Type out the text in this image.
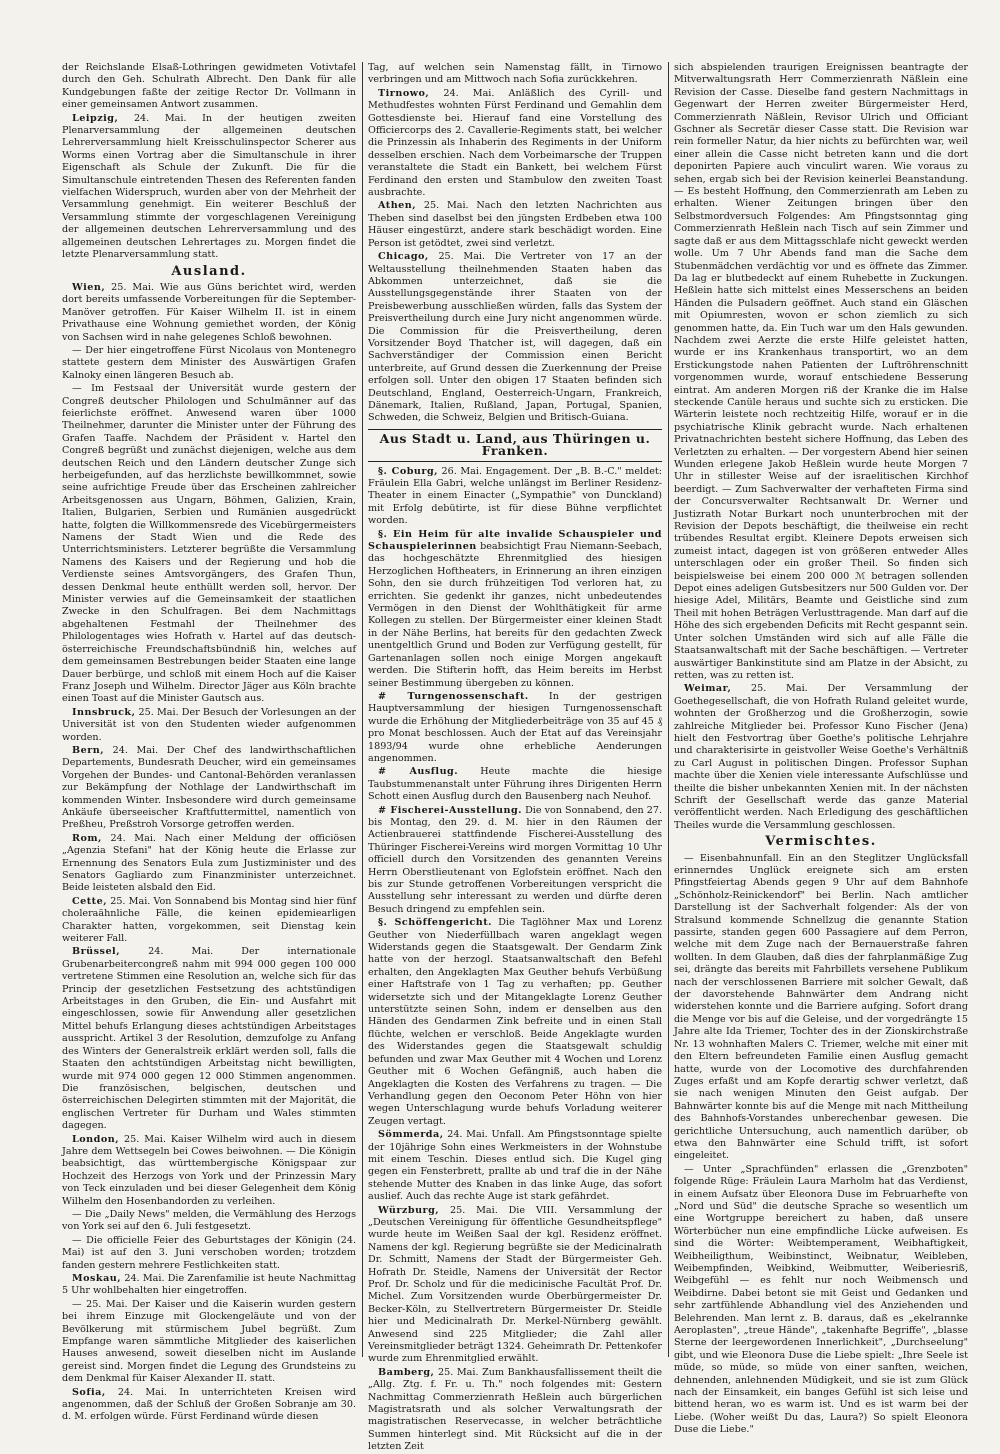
der Reichslande Elsaß-Lothringen gewidmeten Votivtafel durch den Geh. Schulrath Albrecht. Den Dank für alle Kundgebungen faßte der zeitige Rector Dr. Vollmann in einer gemeinsamen Antwort zusammen.

Leipzig, 24. Mai. In der heutigen zweiten Plenarversammlung der allgemeinen deutschen Lehrerversammlung hielt Kreisschulinspector Scherer aus Worms einen Vortrag aber die Simultanschule in ihrer Eigenschaft als Schule der Zukunft. Die für die Simultanschule eintretenden Thesen des Referenten fanden vielfachen Widerspruch, wurden aber von der Mehrheit der Versammlung genehmigt. Ein weiterer Beschluß der Versammlung stimmte der vorgeschlagenen Vereinigung der allgemeinen deutschen Lehrerversammlung und des allgemeinen deutschen Lehrertages zu. Morgen findet die letzte Plenarversammlung statt.

Ausland.

Wien, 25. Mai. Wie aus Güns berichtet wird, werden dort bereits umfassende Vorbereitungen für die September-Manöver getroffen. Für Kaiser Wilhelm II. ist in einem Privathause eine Wohnung gemiethet worden, der König von Sachsen wird in nahe gelegenes Schloß bewohnen.

— Der hier eingetroffene Fürst Nicolaus von Montenegro stattete gestern dem Minister des Auswärtigen Grafen Kalnoky einen längeren Besuch ab.

— Im Festsaal der Universität wurde gestern der Congreß deutscher Philologen und Schulmänner auf das feierlichste eröffnet. Anwesend waren über 1000 Theilnehmer, darunter die Minister unter der Führung des Grafen Taaffe. Nachdem der Präsident v. Hartel den Congreß begrüßt und zunächst diejenigen, welche aus dem deutschen Reich und den Ländern deutscher Zunge sich herbeigefunden, auf das herzlichste bewillkommnet, sowie seine aufrichtige Freude über das Erscheinen zahlreicher Arbeitsgenossen aus Ungarn, Böhmen, Galizien, Krain, Italien, Bulgarien, Serbien und Rumänien ausgedrückt hatte, folgten die Willkommensrede des Vicebürgermeisters Namens der Stadt Wien und die Rede des Unterrichtsministers. Letzterer begrüßte die Versammlung Namens des Kaisers und der Regierung und hob die Verdienste seines Amtsvorgängers, des Grafen Thun, dessen Denkmal heute enthüllt werden soll, hervor. Der Minister verwies auf die Gemeinsamkeit der staatlichen Zwecke in den Schulfragen. Bei dem Nachmittags abgehaltenen Festmahl der Theilnehmer des Philologentages wies Hofrath v. Hartel auf das deutsch-österreichische Freundschaftsbündniß hin, welches auf dem gemeinsamen Bestrebungen beider Staaten eine lange Dauer berbürge, und schloß mit einem Hoch auf die Kaiser Franz Joseph und Wilhelm. Director Jäger aus Köln brachte einen Toast auf die Minister Gautsch aus.

Innsbruck, 25. Mai. Der Besuch der Vorlesungen an der Universität ist von den Studenten wieder aufgenommen worden.

Bern, 24. Mai. Der Chef des landwirthschaftlichen Departements, Bundesrath Deucher, wird ein gemeinsames Vorgehen der Bundes- und Cantonal-Behörden veranlassen zur Bekämpfung der Nothlage der Landwirthschaft im kommenden Winter. Insbesondere wird durch gemeinsame Ankäufe überseeischer Kraftfuttermittel, namentlich von Preßheu, Preßstroh Vorsorge getroffen werden.

Rom, 24. Mai. Nach einer Meldung der officiösen „Agenzia Stefani" hat der König heute die Erlasse zur Ernennung des Senators Eula zum Justizminister und des Senators Gagliardo zum Finanzminister unterzeichnet. Beide leisteten alsbald den Eid.

Cette, 25. Mai. Von Sonnabend bis Montag sind hier fünf choleraähnliche Fälle, die keinen epidemiearligen Charakter hatten, vorgekommen, seit Dienstag kein weiterer Fall.

Brüssel, 24. Mai. Der internationale Grubenarbeitercongreß nahm mit 994 000 gegen 100 000 vertretene Stimmen eine Resolution an, welche sich für das Princip der gesetzlichen Festsetzung des achtstündigen Arbeitstages in den Gruben, die Ein- und Ausfahrt mit eingeschlossen, sowie für Anwendung aller gesetzlichen Mittel behufs Erlangung dieses achtstündigen Arbeitstages ausspricht. Artikel 3 der Resolution, demzufolge zu Anfang des Winters der Generalstreik erklärt werden soll, falls die Staaten den achtstündigen Arbeitstag nicht bewilligten, wurde mit 974 000 gegen 12 000 Stimmen angenommen. Die französischen, belgischen, deutschen und österreichischen Delegirten stimmten mit der Majorität, die englischen Vertreter für Durham und Wales stimmten dagegen.

London, 25. Mai. Kaiser Wilhelm wird auch in diesem Jahre dem Wettsegeln bei Cowes beiwohnen. — Die Königin beabsichtigt, das württembergische Königspaar zur Hochzeit des Herzogs von York und der Prinzessin Mary von Teck einzuladen und bei dieser Gelegenheit dem König Wilhelm den Hosenbandorden zu verleihen.

— Die „Daily News" melden, die Vermählung des Herzogs von York sei auf den 6. Juli festgesetzt.

— Die officielle Feier des Geburtstages der Königin (24. Mai) ist auf den 3. Juni verschoben worden; trotzdem fanden gestern mehrere Festlichkeiten statt.

Moskau, 24. Mai. Die Zarenfamilie ist heute Nachmittag 5 Uhr wohlbehalten hier eingetroffen.

— 25. Mai. Der Kaiser und die Kaiserin wurden gestern bei ihrem Einzuge mit Glockengeläute und von der Bevölkerung mit stürmischem Jubel begrüßt. Zum Empfange waren sämmtliche Mitglieder des kaiserlichen Hauses anwesend, soweit dieselben nicht im Auslande gereist sind. Morgen findet die Legung des Grundsteins zu dem Denkmal für Kaiser Alexander II. statt.

Sofia, 24. Mai. In unterrichteten Kreisen wird angenommen, daß der Schluß der Großen Sobranje am 30. d. M. erfolgen würde. Fürst Ferdinand würde diesen

Tag, auf welchen sein Namenstag fällt, in Tirnowo verbringen und am Mittwoch nach Sofia zurückkehren.

Tirnowo, 24. Mai. Anläßlich des Cyrill- und Methudfestes wohnten Fürst Ferdinand und Gemahlin dem Gottesdienste bei. Hierauf fand eine Vorstellung des Officiercorps des 2. Cavallerie-Regiments statt, bei welcher die Prinzessin als Inhaberin des Regiments in der Uniform desselben erschien. Nach dem Vorbeimarsche der Truppen veranstaltete die Stadt ein Bankett, bei welchem Fürst Ferdinand den ersten und Stambulow den zweiten Toast ausbrachte.

Athen, 25. Mai. Nach den letzten Nachrichten aus Theben sind daselbst bei den jüngsten Erdbeben etwa 100 Häuser eingestürzt, andere stark beschädigt worden. Eine Person ist getödtet, zwei sind verletzt.

Chicago, 25. Mai. Die Vertreter von 17 an der Weltausstellung theilnehmenden Staaten haben das Abkommen unterzeichnet, daß sie die Ausstellungsgegenstände ihrer Staaten von der Preisbewerbung ausschließen würden, falls das System der Preisvertheilung durch eine Jury nicht angenommen würde. Die Commission für die Preisvertheilung, deren Vorsitzender Boyd Thatcher ist, will dagegen, daß ein Sachverständiger der Commission einen Bericht unterbreite, auf Grund dessen die Zuerkennung der Preise erfolgen soll. Unter den obigen 17 Staaten befinden sich Deutschland, England, Oesterreich-Ungarn, Frankreich, Dänemark, Italien, Rußland, Japan, Portugal, Spanien, Schweden, die Schweiz, Belgien und Britisch-Guiana.

Aus Stadt u. Land, aus Thüringen u. Franken.

§. Coburg, 26. Mai. Engagement. Der „B. B.-C." meldet: Fräulein Ella Gabri, welche unlängst im Berliner Residenz-Theater in einem Einacter („Sympathie" von Dunckland) mit Erfolg debütirte, ist für diese Bühne verpflichtet worden.

§. Ein Heim für alte invalide Schauspieler und Schauspielerinnen beabsichtigt Frau Niemann-Seebach, das hochgeschätzte Ehrenmitglied des hiesigen Herzoglichen Hoftheaters, in Erinnerung an ihren einzigen Sohn, den sie durch frühzeitigen Tod verloren hat, zu errichten. Sie gedenkt ihr ganzes, nicht unbedeutendes Vermögen in den Dienst der Wohlthätigkeit für arme Kollegen zu stellen. Der Bürgermeister einer kleinen Stadt in der Nähe Berlins, hat bereits für den gedachten Zweck unentgeltlich Grund und Boden zur Verfügung gestellt, für Gartenanlagen sollen noch einige Morgen angekauft werden. Die Stifterin hofft, das Heim bereits im Herbst seiner Bestimmung übergeben zu können.

# Turngenossenschaft. In der gestrigen Hauptversammlung der hiesigen Turngenossenschaft wurde die Erhöhung der Mitgliederbeiträge von 35 auf 45 ₰ pro Monat beschlossen. Auch der Etat auf das Vereinsjahr 1893/94 wurde ohne erhebliche Aenderungen angenommen.

# Ausflug. Heute machte die hiesige Taubstummenanstalt unter Führung ihres Dirigenten Herrn Schott einen Ausflug durch den Bausenberg nach Neuhof.

# Fischerei-Ausstellung. Die von Sonnabend, den 27. bis Montag, den 29. d. M. hier in den Räumen der Actienbrauerei stattfindende Fischerei-Ausstellung des Thüringer Fischerei-Vereins wird morgen Vormittag 10 Uhr officiell durch den Vorsitzenden des genannten Vereins Herrn Oberstlieutenant von Eglofstein eröffnet. Nach den bis zur Stunde getroffenen Vorbereitungen verspricht die Ausstellung sehr interessant zu werden und dürfte deren Besuch dringend zu empfehlen sein.

§. Schöffengericht. Die Taglöhner Max und Lorenz Geuther von Niederfüllbach waren angeklagt wegen Widerstands gegen die Staatsgewalt. Der Gendarm Zink hatte von der herzogl. Staatsanwaltschaft den Befehl erhalten, den Angeklagten Max Geuther behufs Verbüßung einer Haftstrafe von 1 Tag zu verhaften; pp. Geuther widersetzte sich und der Mitangeklagte Lorenz Geuther unterstützte seinen Sohn, indem er denselben aus den Händen des Gendarmen Zink befreite und in einen Stall flüchte, welchen er verschloß. Beide Angeklagte wurden des Widerstandes gegen die Staatsgewalt schuldig befunden und zwar Max Geuther mit 4 Wochen und Lorenz Geuther mit 6 Wochen Gefängniß, auch haben die Angeklagten die Kosten des Verfahrens zu tragen. — Die Verhandlung gegen den Oeconom Peter Höhn von hier wegen Unterschlagung wurde behufs Vorladung weiterer Zeugen vertagt.

Sömmerda, 24. Mai. Unfall. Am Pfingstsonntage spielte der 10jährige Sohn eines Werkmeisters in der Wohnstube mit einem Teschin. Dieses entlud sich. Die Kugel ging gegen ein Fensterbrett, prallte ab und traf die in der Nähe stehende Mutter des Knaben in das linke Auge, das sofort auslief. Auch das rechte Auge ist stark gefährdet.

Würzburg, 25. Mai. Die VIII. Versammlung der „Deutschen Vereinigung für öffentliche Gesundheitspflege" wurde heute im Weißen Saal der kgl. Residenz eröffnet. Namens der kgl. Regierung begrüßte sie der Medicinalrath Dr. Schmitt, Namens der Stadt der Bürgermeister Geh. Hofrath Dr. Steidle, Namens der Universität der Rector Prof. Dr. Scholz und für die medicinische Facultät Prof. Dr. Michel. Zum Vorsitzenden wurde Oberbürgermeister Dr. Becker-Köln, zu Stellvertretern Bürgermeister Dr. Steidle hier und Medicinalrath Dr. Merkel-Nürnberg gewählt. Anwesend sind 225 Mitglieder; die Zahl aller Vereinsmitglieder beträgt 1324. Geheimrath Dr. Pettenkofer wurde zum Ehrenmitglied erwählt.

Bamberg, 25. Mai. Zum Bankhausfallissement theilt die „Allg. Ztg. f. Fr. u. Th." noch folgendes mit: Gestern Nachmittag Commerzienrath Heßlein auch bürgerlichen Magistratsrath und als solcher Verwaltungsrath der magistratischen Reservecasse, in welcher beträchtliche Summen hinterlegt sind. Mit Rücksicht auf die in der letzten Zeit

sich abspielenden traurigen Ereignissen beantragte der Mitverwaltungsrath Herr Commerzienrath Näßlein eine Revision der Casse. Dieselbe fand gestern Nachmittags in Gegenwart der Herren zweiter Bürgermeister Herd, Commerzienrath Näßlein, Revisor Ulrich und Officiant Gschner als Secretär dieser Casse statt. Die Revision war rein formeller Natur, da hier nichts zu befürchten war, weil einer allein die Casse nicht betreten kann und die dort deponirten Papiere auch vinculirt waren. Wie voraus zu sehen, ergab sich bei der Revision keinerlei Beanstandung. — Es besteht Hoffnung, den Commerzienrath am Leben zu erhalten. Wiener Zeitungen bringen über den Selbstmordversuch Folgendes: Am Pfingstsonntag ging Commerzienrath Heßlein nach Tisch auf sein Zimmer und sagte daß er aus dem Mittagsschlafe nicht geweckt werden wolle. Um 7 Uhr Abends fand man die Sache dem Stubenmädchen verdächtig vor und es öffnete das Zimmer. Da lag er blutbedeckt auf einem Ruhebette in Zuckungen. Heßlein hatte sich mittelst eines Messerschens an beiden Händen die Pulsadern geöffnet. Auch stand ein Gläschen mit Opiumresten, wovon er schon ziemlich zu sich genommen hatte, da. Ein Tuch war um den Hals gewunden. Nachdem zwei Aerzte die erste Hilfe geleistet hatten, wurde er ins Krankenhaus transportirt, wo an dem Erstickungstode nahen Patienten der Luftröhrenschnitt vorgenommen wurde, worauf entschiedene Besserung eintrat. Am anderen Morgen riß der Kranke die im Halse steckende Canüle heraus und suchte sich zu ersticken. Die Wärterin leistete noch rechtzeitig Hilfe, worauf er in die psychiatrische Klinik gebracht wurde. Nach erhaltenen Privatnachrichten besteht sichere Hoffnung, das Leben des Verletzten zu erhalten. — Der vorgestern Abend hier seinen Wunden erlegene Jakob Heßlein wurde heute Morgen 7 Uhr in stillester Weise auf der israelitischen Kirchhof beerdigt. — Zum Sachverwalter der verhafteten Firma sind der Concursverwalter Rechtsanwalt Dr. Werner und Justizrath Notar Burkart noch ununterbrochen mit der Revision der Depots beschäftigt, die theilweise ein recht trübendes Resultat ergibt. Kleinere Depots erweisen sich zumeist intact, dagegen ist von größeren entweder Alles unterschlagen oder ein großer Theil. So finden sich beispielsweise bei einem 200 000 ℳ betragen sollenden Depot eines adeligen Gutsbesitzers nur 500 Gulden vor. Der hiesige Adel, Militärs, Beamte und Geistliche sind zum Theil mit hohen Beträgen Verlusttragende. Man darf auf die Höhe des sich ergebenden Deficits mit Recht gespannt sein. Unter solchen Umständen wird sich auf alle Fälle die Staatsanwaltschaft mit der Sache beschäftigen. — Vertreter auswärtiger Bankinstitute sind am Platze in der Absicht, zu retten, was zu retten ist.

Weimar, 25. Mai. Der Versammlung der Goethegesellschaft, die von Hofrath Ruland geleitet wurde, wohnten der Großherzog und die Großherzogin, sowie zahlreiche Mitglieder bei. Professor Kuno Fischer (Jena) hielt den Festvortrag über Goethe's politische Lehrjahre und charakterisirte in geistvoller Weise Goethe's Verhältniß zu Carl August in politischen Dingen. Professor Suphan machte über die Xenien viele interessante Aufschlüsse und theilte die bisher unbekannten Xenien mit. In der nächsten Schrift der Gesellschaft werde das ganze Material veröffentlicht werden. Nach Erledigung des geschäftlichen Theiles wurde die Versammlung geschlossen.

Vermischtes.

— Eisenbahnunfall. Ein an den Steglitzer Unglücksfall erinnerndes Unglück ereignete sich am ersten Pfingstfeiertag Abends gegen 9 Uhr auf dem Bahnhofe „Schönholz-Reinickendorf" bei Berlin. Nach amtlicher Darstellung ist der Sachverhalt folgender: Als der von Stralsund kommende Schnellzug die genannte Station passirte, standen gegen 600 Passagiere auf dem Perron, welche mit dem Zuge nach der Bernauerstraße fahren wollten. In dem Glauben, daß dies der fahrplanmäßige Zug sei, drängte das bereits mit Fahrbillets versehene Publikum nach der verschlossenen Barriere mit solcher Gewalt, daß der davorstehende Bahnwärter dem Andrang nicht widerstehen konnte und die Barriere aufging. Sofort drang die Menge vor bis auf die Geleise, und der vorgedrängte 15 Jahre alte Ida Triemer, Tochter des in der Zionskirchstraße Nr. 13 wohnhaften Malers C. Triemer, welche mit einer mit den Eltern befreundeten Familie einen Ausflug gemacht hatte, wurde von der Locomotive des durchfahrenden Zuges erfaßt und am Kopfe derartig schwer verletzt, daß sie nach wenigen Minuten den Geist aufgab. Der Bahnwärter konnte bis auf die Menge mit nach Mittheilung des Bahnhofs-Vorstandes unberechenbar gewesen. Die gerichtliche Untersuchung, auch namentlich darüber, ob etwa den Bahnwärter eine Schuld trifft, ist sofort eingeleitet.

— Unter „Sprachfünden" erlassen die „Grenzboten" folgende Rüge: Fräulein Laura Marholm hat das Verdienst, in einem Aufsatz über Eleonora Duse im Februarhefte von „Nord und Süd" die deutsche Sprache so wesentlich um eine Wortgruppe bereichert zu haben, daß unsere Wörterbücher nun eine empfindliche Lücke aufweisen. Es sind die Wörter: Weibtemperament, Weibhaftigkeit, Weibheiligthum, Weibinstinct, Weibnatur, Weibleben, Weibempfinden, Weibkind, Weibmutter, Weiberiesriß, Weibgefühl — es fehlt nur noch Weibmensch und Weibdirne. Dabei betont sie mit Geist und Gedanken und sehr zartfühlende Abhandlung viel des Anziehenden und Belehrenden. Man lernt z. B. daraus, daß es „ekelrannke Aeroplasten", „treue Hände", „takenhafte Begriffe", „blasse Sterne der leergewordenen Innerlichkeit", „Durchseelung" gibt, und wie Eleonora Duse die Liebe spielt: „Ihre Seele ist müde, so müde, so müde von einer sanften, weichen, dehnenden, anlehnenden Müdigkeit, und sie ist zum Glück nach der Einsamkeit, ein banges Gefühl ist sich leise und bittend heran, wo es warm ist. Und es ist warm bei der Liebe. (Woher weißt Du das, Laura?) So spielt Eleonora Duse die Liebe."
